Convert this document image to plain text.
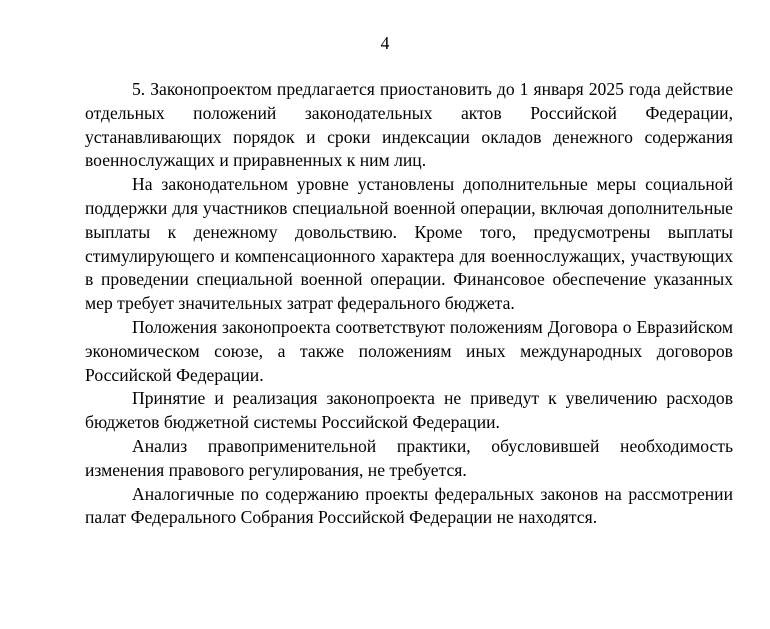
4

5. Законопроектом предлагается приостановить до 1 января 2025 года действие отдельных положений законодательных актов Российской Федерации, устанавливающих порядок и сроки индексации окладов денежного содержания военнослужащих и приравненных к ним лиц.

На законодательном уровне установлены дополнительные меры социальной поддержки для участников специальной военной операции, включая дополнительные выплаты к денежному довольствию. Кроме того, предусмотрены выплаты стимулирующего и компенсационного характера для военнослужащих, участвующих в проведении специальной военной операции. Финансовое обеспечение указанных мер требует значительных затрат федерального бюджета.

Положения законопроекта соответствуют положениям Договора о Евразийском экономическом союзе, а также положениям иных международных договоров Российской Федерации.

Принятие и реализация законопроекта не приведут к увеличению расходов бюджетов бюджетной системы Российской Федерации.

Анализ правоприменительной практики, обусловившей необходимость изменения правового регулирования, не требуется.

Аналогичные по содержанию проекты федеральных законов на рассмотрении палат Федерального Собрания Российской Федерации не находятся.
